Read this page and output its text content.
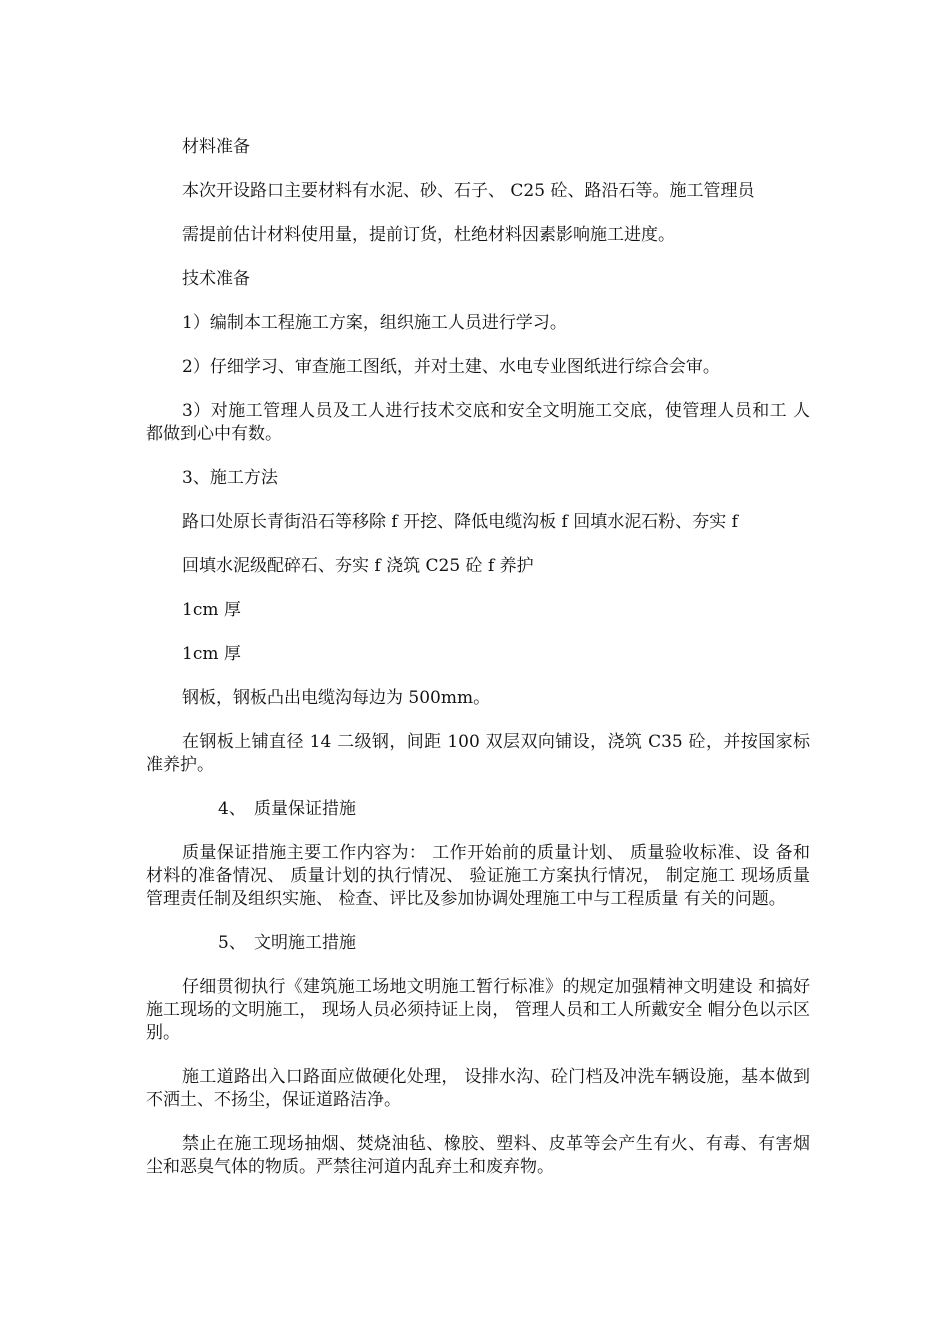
材料准备

本次开设路口主要材料有水泥、砂、石子、 C25 砼、路沿石等。施工管理员

需提前估计材料使用量，提前订货，杜绝材料因素影响施工进度。

技术准备

1）编制本工程施工方案，组织施工人员进行学习。

2）仔细学习、审查施工图纸，并对土建、水电专业图纸进行综合会审。

3）对施工管理人员及工人进行技术交底和安全文明施工交底，使管理人员和工 人都做到心中有数。

3、施工方法

路口处原长青街沿石等移除 f 开挖、降低电缆沟板 f 回填水泥石粉、夯实 f

回填水泥级配碎石、夯实 f 浇筑 C25 砼 f 养护

1cm 厚

1cm 厚

钢板，钢板凸出电缆沟每边为 500mm。

在钢板上铺直径 14 二级钢，间距 100 双层双向铺设，浇筑 C35 砼，并按国家标准养护。

4、 质量保证措施

质量保证措施主要工作内容为： 工作开始前的质量计划、 质量验收标准、设 备和材料的准备情况、 质量计划的执行情况、 验证施工方案执行情况， 制定施工 现场质量管理责任制及组织实施、 检查、评比及参加协调处理施工中与工程质量 有关的问题。

5、 文明施工措施

仔细贯彻执行《建筑施工场地文明施工暂行标准》的规定加强精神文明建设 和搞好施工现场的文明施工， 现场人员必须持证上岗， 管理人员和工人所戴安全 帽分色以示区别。

施工道路出入口路面应做硬化处理， 设排水沟、砼门档及冲洗车辆设施，基本做到不洒土、不扬尘，保证道路洁净。

禁止在施工现场抽烟、焚烧油毡、橡胶、塑料、皮革等会产生有火、有毒、有害烟尘和恶臭气体的物质。严禁往河道内乱弃土和废弃物。
